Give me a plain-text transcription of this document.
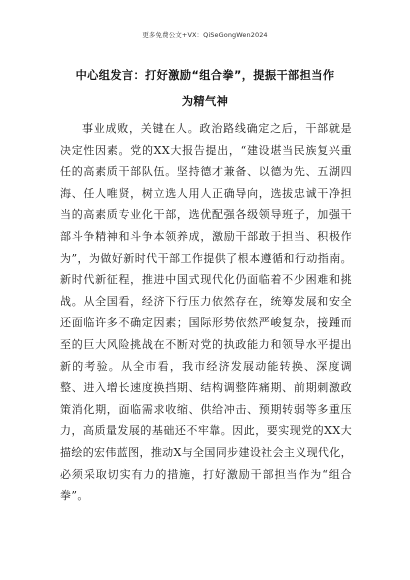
更多免费公文+VX：QiSeGongWen2024
中心组发言：打好激励“组合拳”，提振干部担当作为精气神

事业成败，关键在人。政治路线确定之后，干部就是决定性因素。党的XX大报告提出，“建设堪当民族复兴重任的高素质干部队伍。坚持德才兼备、以德为先、五湖四海、任人唯贤，树立选人用人正确导向，选拔忠诚干净担当的高素质专业化干部，选优配强各级领导班子，加强干部斗争精神和斗争本领养成，激励干部敢于担当、积极作为”，为做好新时代干部工作提供了根本遵循和行动指南。新时代新征程，推进中国式现代化仍面临着不少困难和挑战。从全国看，经济下行压力依然存在，统筹发展和安全还面临许多不确定因素；国际形势依然严峻复杂，接踵而至的巨大风险挑战在不断对党的执政能力和领导水平提出新的考验。从全市看，我市经济发展动能转换、深度调整、进入增长速度换挡期、结构调整阵痛期、前期刺激政策消化期，面临需求收缩、供给冲击、预期转弱等多重压力，高质量发展的基础还不牢靠。因此，要实现党的XX大描绘的宏伟蓝图，推动X与全国同步建设社会主义现代化，必须采取切实有力的措施，打好激励干部担当作为“组合拳”。
